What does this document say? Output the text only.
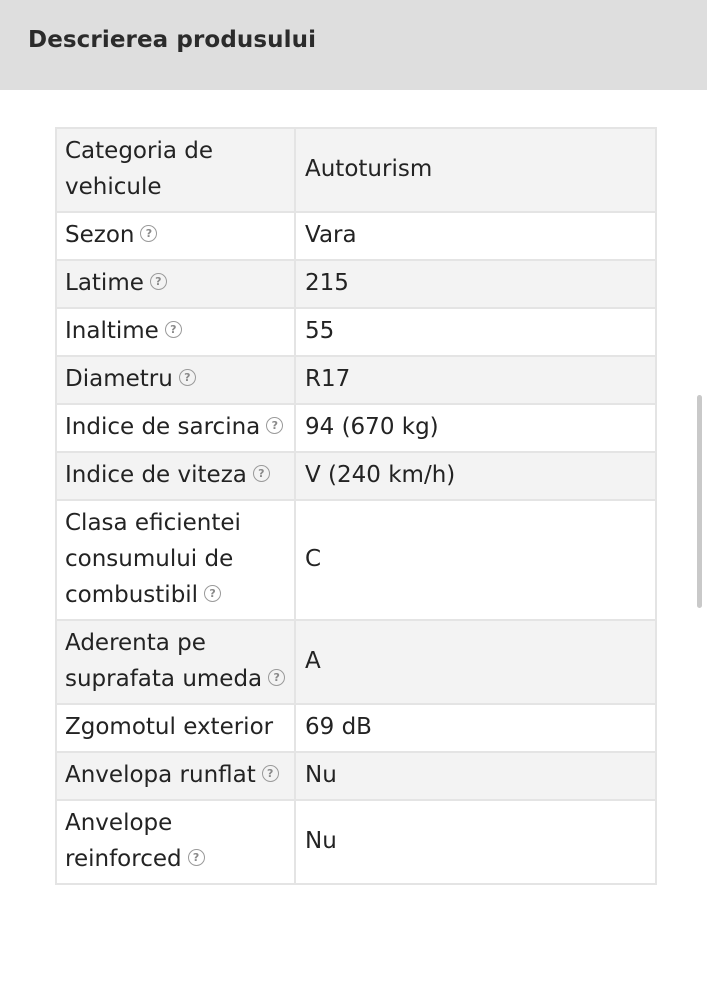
Descrierea produsului
Categoria de vehicule	Autoturism
Sezon ?	Vara
Latime ?	215
Inaltime ?	55
Diametru ?	R17
Indice de sarcina ?	94 (670 kg)
Indice de viteza ?	V (240 km/h)
Clasa eficientei consumului de combustibil ?	C
Aderenta pe suprafata umeda ?	A
Zgomotul exterior	69 dB
Anvelopa runflat ?	Nu
Anvelope reinforced ?	Nu
